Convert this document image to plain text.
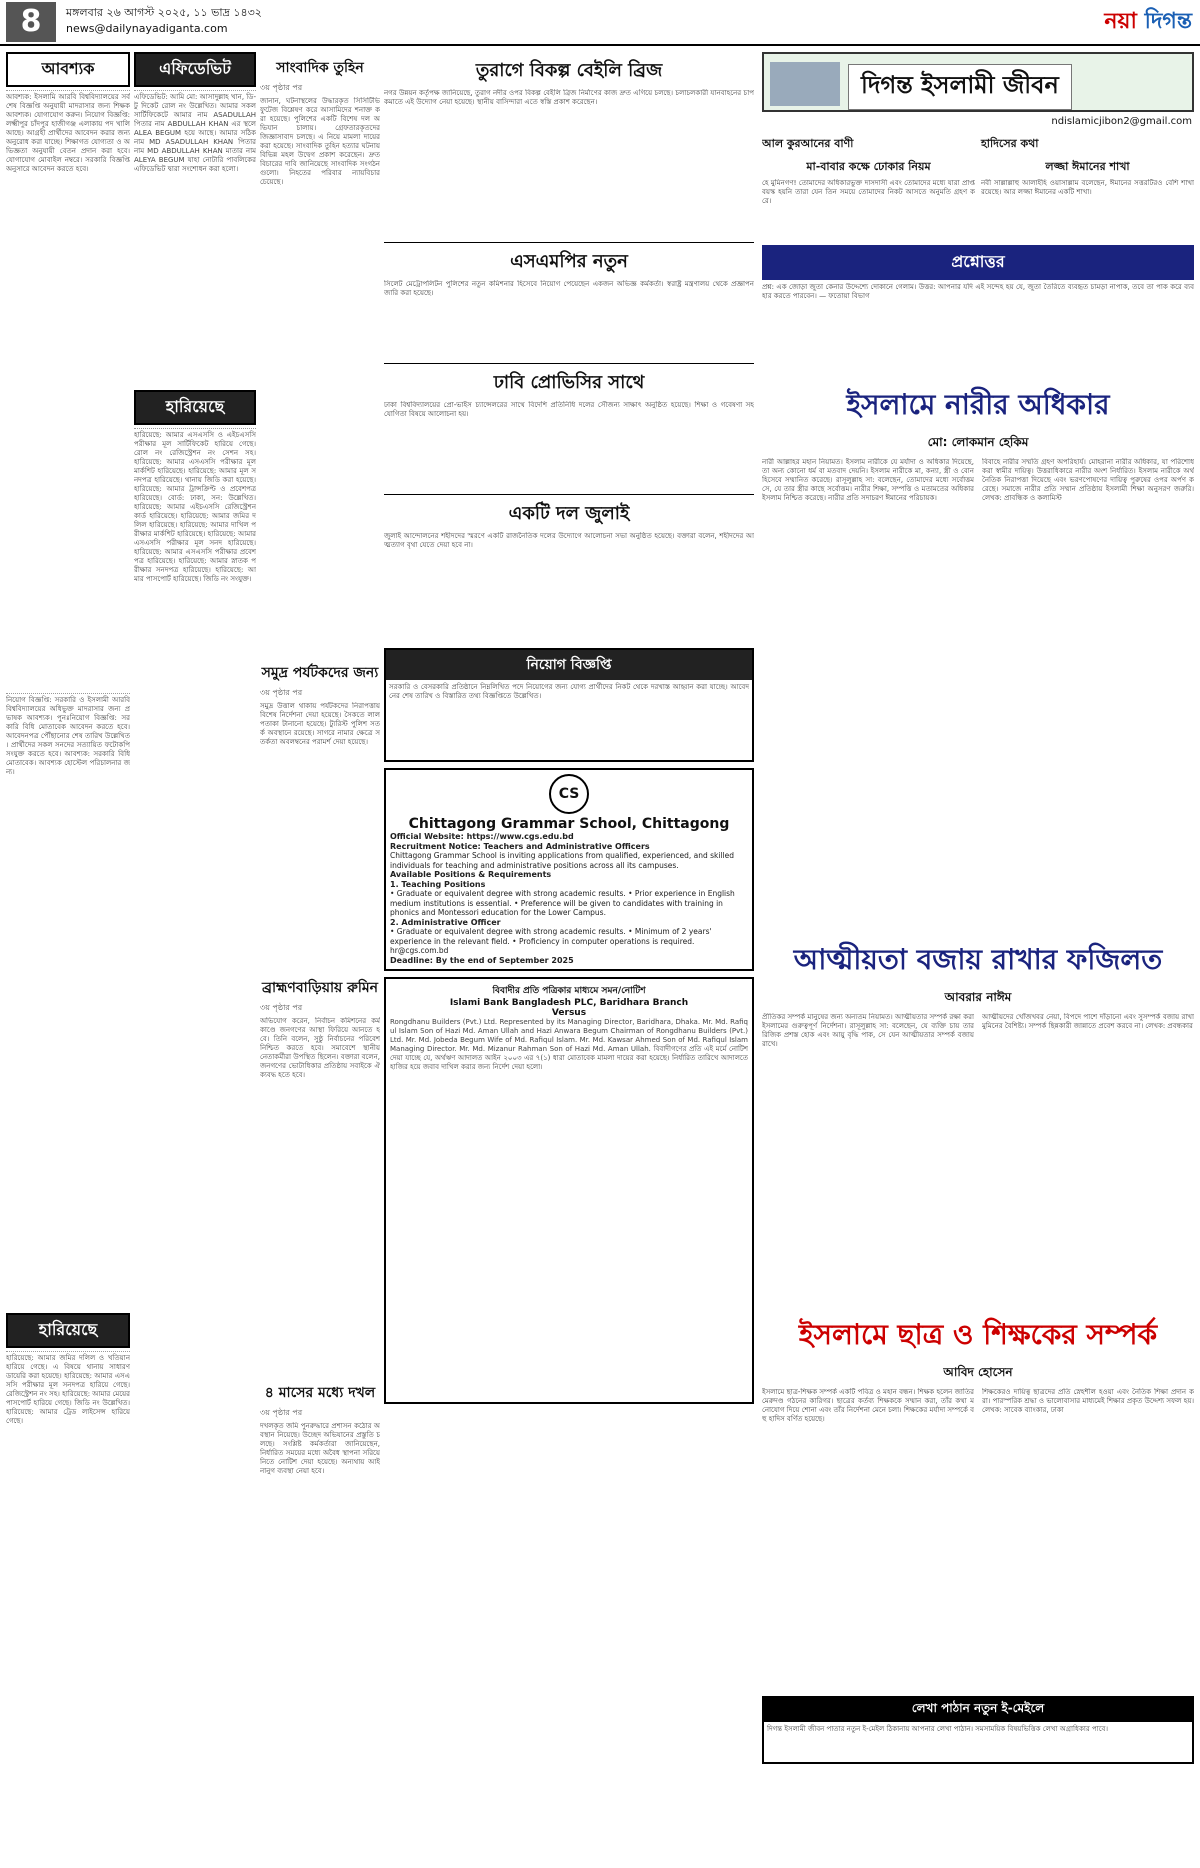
8	মঙ্গলবার ২৬ আগস্ট ২০২৫, ১১ ভাদ্র ১৪৩২
news@dailynayadiganta.com	নয়া দিগন্ত
আবশ্যক
আবশ্যক: ইসলামি আরবি বিশ্ববিদ্যালয়ের সর্বশেষ বিজ্ঞপ্তি অনুযায়ী মাদরাসার জন্য শিক্ষক আবশ্যক। যোগাযোগ করুন। নিয়োগ বিজ্ঞপ্তি: লক্ষ্মীপুর চাঁদপুর হাজীগঞ্জ এলাকায় পদ খালি আছে। আগ্রহী প্রার্থীদের আবেদন করার জন্য অনুরোধ করা যাচ্ছে। শিক্ষাগত যোগ্যতা ও অভিজ্ঞতা অনুযায়ী বেতন প্রদান করা হবে। যোগাযোগ মোবাইল নম্বরে। সরকারি বিজ্ঞপ্তি অনুসারে আবেদন করতে হবে।
নিয়োগ বিজ্ঞপ্তি: সরকারি ও ইসলামী আরবি বিশ্ববিদ্যালয়ের অধিভুক্ত মাদরাসার জন্য প্রভাষক আবশ্যক। পুনঃনিয়োগ বিজ্ঞপ্তি: সরকারি বিধি মোতাবেক আবেদন করতে হবে। আবেদনপত্র পৌঁছানোর শেষ তারিখ উল্লেখিত। প্রার্থীদের সকল সনদের সত্যায়িত ফটোকপি সংযুক্ত করতে হবে। আবশ্যক: সরকারি বিধি মোতাবেক। আবশ্যক হোস্টেল পরিচালনার জন্য।
হারিয়েছে
হারিয়েছে: আমার জমির দলিল ও খতিয়ান হারিয়ে গেছে। এ বিষয়ে থানায় সাধারণ ডায়েরি করা হয়েছে। হারিয়েছে: আমার এসএসসি পরীক্ষার মূল সনদপত্র হারিয়ে গেছে। রেজিস্ট্রেশন নং সহ। হারিয়েছে: আমার মেয়ের পাসপোর্ট হারিয়ে গেছে। জিডি নং উল্লেখিত। হারিয়েছে: আমার ট্রেড লাইসেন্স হারিয়ে গেছে।
এফিডেভিট
এফিডেভিট: আমি মো: আসাদুল্লাহ খান, ডি-টু দিকেট রোল নং উল্লেখিত। আমার সকল সার্টিফিকেটে আমার নাম ASADULLAH পিতার নাম ABDULLAH KHAN এর স্থলে ALEA BEGUM হয়ে আছে। আমার সঠিক নাম MD ASADULLAH KHAN পিতার নাম MD ABDULLAH KHAN মাতার নাম ALEYA BEGUM যাহা নোটারি পাবলিকের এফিডেভিট দ্বারা সংশোধন করা হলো।
হারিয়েছে
হারিয়েছে: আমার এসএসসি ও এইচএসসি পরীক্ষার মূল সার্টিফিকেট হারিয়ে গেছে। রোল নং রেজিস্ট্রেশন নং সেশন সহ। হারিয়েছে: আমার এসএসসি পরীক্ষার মূল মার্কশিট হারিয়েছে। হারিয়েছে: আমার মূল সনদপত্র হারিয়েছে। থানায় জিডি করা হয়েছে। হারিয়েছে: আমার ট্রান্সক্রিপ্ট ও প্রবেশপত্র হারিয়েছে। বোর্ড: ঢাকা, সন: উল্লেখিত। হারিয়েছে: আমার এইচএসসি রেজিস্ট্রেশন কার্ড হারিয়েছে। হারিয়েছে: আমার জমির দলিল হারিয়েছে। হারিয়েছে: আমার দাখিল পরীক্ষার মার্কশিট হারিয়েছে। হারিয়েছে: আমার এসএসসি পরীক্ষার মূল সনদ হারিয়েছে। হারিয়েছে: আমার এসএসসি পরীক্ষার প্রবেশপত্র হারিয়েছে। হারিয়েছে: আমার স্নাতক পরীক্ষার সনদপত্র হারিয়েছে। হারিয়েছে: আমার পাসপোর্ট হারিয়েছে। জিডি নং সংযুক্ত।
সাংবাদিক তুহিন
৩য় পৃষ্ঠার পর
জানান, ঘটনাস্থলের উদ্ধারকৃত সিসিটিভি ফুটেজ বিশ্লেষণ করে আসামিদের শনাক্ত করা হয়েছে। পুলিশের একটি বিশেষ দল অভিযান চালায়। গ্রেফতারকৃতদের জিজ্ঞাসাবাদ চলছে। এ নিয়ে মামলা দায়ের করা হয়েছে। সাংবাদিক তুহিন হত্যার ঘটনায় বিভিন্ন মহল উদ্বেগ প্রকাশ করেছেন। দ্রুত বিচারের দাবি জানিয়েছে সাংবাদিক সংগঠনগুলো। নিহতের পরিবার ন্যায়বিচার চেয়েছে।
সমুদ্র পর্যটকদের জন্য
৩য় পৃষ্ঠার পর
সমুদ্র উত্তাল থাকায় পর্যটকদের নিরাপত্তায় বিশেষ নির্দেশনা দেয়া হয়েছে। সৈকতে লাল পতাকা টানানো হয়েছে। ট্যুরিস্ট পুলিশ সতর্ক অবস্থানে রয়েছে। সাগরে নামার ক্ষেত্রে সতর্কতা অবলম্বনের পরামর্শ দেয়া হয়েছে।
ব্রাহ্মণবাড়িয়ায় রুমিন
৩য় পৃষ্ঠার পর
অভিযোগ করেন, নির্বাচন কমিশনের কর্মকাণ্ডে জনগণের আস্থা ফিরিয়ে আনতে হবে। তিনি বলেন, সুষ্ঠু নির্বাচনের পরিবেশ নিশ্চিত করতে হবে। সমাবেশে স্থানীয় নেতাকর্মীরা উপস্থিত ছিলেন। বক্তারা বলেন, জনগণের ভোটাধিকার প্রতিষ্ঠায় সবাইকে ঐক্যবদ্ধ হতে হবে।
৪ মাসের মধ্যে দখল
৩য় পৃষ্ঠার পর
দখলকৃত জমি পুনরুদ্ধারে প্রশাসন কঠোর অবস্থান নিয়েছে। উচ্ছেদ অভিযানের প্রস্তুতি চলছে। সংশ্লিষ্ট কর্মকর্তারা জানিয়েছেন, নির্ধারিত সময়ের মধ্যে অবৈধ স্থাপনা সরিয়ে নিতে নোটিশ দেয়া হয়েছে। অন্যথায় আইনানুগ ব্যবস্থা নেয়া হবে।
তুরাগে বিকল্প বেইলি ব্রিজ
নগর উন্নয়ন কর্তৃপক্ষ জানিয়েছে, তুরাগ নদীর ওপর বিকল্প বেইলি ব্রিজ নির্মাণের কাজ দ্রুত এগিয়ে চলছে। চলাচলকারী যানবাহনের চাপ কমাতে এই উদ্যোগ নেয়া হয়েছে। স্থানীয় বাসিন্দারা এতে স্বস্তি প্রকাশ করেছেন।
এসএমপির নতুন
সিলেট মেট্রোপলিটন পুলিশের নতুন কমিশনার হিসেবে নিয়োগ পেয়েছেন একজন অভিজ্ঞ কর্মকর্তা। স্বরাষ্ট্র মন্ত্রণালয় থেকে প্রজ্ঞাপন জারি করা হয়েছে।
ঢাবি প্রোভিসির সাথে
ঢাকা বিশ্ববিদ্যালয়ের প্রো-ভাইস চ্যান্সেলরের সাথে বিদেশি প্রতিনিধি দলের সৌজন্য সাক্ষাৎ অনুষ্ঠিত হয়েছে। শিক্ষা ও গবেষণা সহযোগিতা বিষয়ে আলোচনা হয়।
একটি দল জুলাই
জুলাই আন্দোলনের শহীদদের স্মরণে একটি রাজনৈতিক দলের উদ্যোগে আলোচনা সভা অনুষ্ঠিত হয়েছে। বক্তারা বলেন, শহীদদের আত্মত্যাগ বৃথা যেতে দেয়া হবে না।
নিয়োগ বিজ্ঞপ্তি
সরকারি ও বেসরকারি প্রতিষ্ঠানে নিম্নলিখিত পদে নিয়োগের জন্য যোগ্য প্রার্থীদের নিকট থেকে দরখাস্ত আহ্বান করা যাচ্ছে। আবেদনের শেষ তারিখ ও বিস্তারিত তথ্য বিজ্ঞপ্তিতে উল্লেখিত।
CS
Chittagong Grammar School, Chittagong
Official Website: https://www.cgs.edu.bd
Recruitment Notice: Teachers and Administrative Officers
Chittagong Grammar School is inviting applications from qualified, experienced, and skilled individuals for teaching and administrative positions across all its campuses.
Available Positions & Requirements
1. Teaching Positions
• Graduate or equivalent degree with strong academic results. • Prior experience in English medium institutions is essential. • Preference will be given to candidates with training in phonics and Montessori education for the Lower Campus.
2. Administrative Officer
• Graduate or equivalent degree with strong academic results. • Minimum of 2 years' experience in the relevant field. • Proficiency in computer operations is required.
hr@cgs.com.bd
Deadline: By the end of September 2025
বিবাদীর প্রতি পত্রিকার মাধ্যমে সমন/নোটিশ
Islami Bank Bangladesh PLC, Baridhara Branch
Versus
Rongdhanu Builders (Pvt.) Ltd. Represented by its Managing Director, Baridhara, Dhaka. Mr. Md. Rafiqul Islam Son of Hazi Md. Aman Ullah and Hazi Anwara Begum Chairman of Rongdhanu Builders (Pvt.) Ltd. Mr. Md. Jobeda Begum Wife of Md. Rafiqul Islam. Mr. Md. Kawsar Ahmed Son of Md. Rafiqul Islam Managing Director. Mr. Md. Mizanur Rahman Son of Hazi Md. Aman Ullah. বিবাদীগণের প্রতি এই মর্মে নোটিশ দেয়া যাচ্ছে যে, অর্থঋণ আদালত আইন ২০০৩ এর ৭(১) ধারা মোতাবেক মামলা দায়ের করা হয়েছে। নির্ধারিত তারিখে আদালতে হাজির হয়ে জবাব দাখিল করার জন্য নির্দেশ দেয়া হলো।
দিগন্ত ইসলামী জীবন
ndislamicjibon2@gmail.com
আল কুরআনের বাণী
মা-বাবার কক্ষে ঢোকার নিয়ম
হে মুমিনগণ! তোমাদের অধিকারভুক্ত দাসদাসী এবং তোমাদের মধ্যে যারা প্রাপ্তবয়স্ক হয়নি তারা যেন তিন সময়ে তোমাদের নিকট আসতে অনুমতি গ্রহণ করে।
হাদিসের কথা
লজ্জা ঈমানের শাখা
নবী সাল্লাল্লাহু আলাইহি ওয়াসাল্লাম বলেছেন, ঈমানের সত্তরটিরও বেশি শাখা রয়েছে। আর লজ্জা ঈমানের একটি শাখা।
প্রশ্নোত্তর
প্রশ্ন: এক জোড়া জুতা কেনার উদ্দেশ্যে দোকানে গেলাম। উত্তর: আপনার যদি এই সন্দেহ হয় যে, জুতা তৈরিতে ব্যবহৃত চামড়া নাপাক, তবে তা পাক করে ব্যবহার করতে পারবেন। — ফতোয়া বিভাগ
ইসলামে নারীর অধিকার
মো: লোকমান হেকিম
নারী আল্লাহর মহান নিয়ামত। ইসলাম নারীকে যে মর্যাদা ও অধিকার দিয়েছে, তা অন্য কোনো ধর্ম বা মতবাদ দেয়নি। ইসলাম নারীকে মা, কন্যা, স্ত্রী ও বোন হিসেবে সম্মানিত করেছে। রাসূলুল্লাহ সা: বলেছেন, তোমাদের মধ্যে সর্বোত্তম সে, যে তার স্ত্রীর কাছে সর্বোত্তম। নারীর শিক্ষা, সম্পত্তি ও মতামতের অধিকার ইসলাম নিশ্চিত করেছে। নারীর প্রতি সদাচরণ ঈমানের পরিচায়ক।
বিবাহে নারীর সম্মতি গ্রহণ অপরিহার্য। মোহরানা নারীর অধিকার, যা পরিশোধ করা স্বামীর দায়িত্ব। উত্তরাধিকারে নারীর অংশ নির্ধারিত। ইসলাম নারীকে অর্থনৈতিক নিরাপত্তা দিয়েছে এবং ভরণপোষণের দায়িত্ব পুরুষের ওপর অর্পণ করেছে। সমাজে নারীর প্রতি সম্মান প্রতিষ্ঠায় ইসলামী শিক্ষা অনুসরণ জরুরি। লেখক: প্রাবন্ধিক ও কলামিস্ট
আত্মীয়তা বজায় রাখার ফজিলত
আবরার নাঈম
প্রীতিকর সম্পর্ক মানুষের জন্য অন্যতম নিয়ামত। আত্মীয়তার সম্পর্ক রক্ষা করা ইসলামের গুরুত্বপূর্ণ নির্দেশনা। রাসূলুল্লাহ সা: বলেছেন, যে ব্যক্তি চায় তার রিজিক প্রশস্ত হোক এবং আয়ু বৃদ্ধি পাক, সে যেন আত্মীয়তার সম্পর্ক বজায় রাখে।
আত্মীয়দের খোঁজখবর নেয়া, বিপদে পাশে দাঁড়ানো এবং সুসম্পর্ক বজায় রাখা মুমিনের বৈশিষ্ট্য। সম্পর্ক ছিন্নকারী জান্নাতে প্রবেশ করবে না। লেখক: প্রবন্ধকার
ইসলামে ছাত্র ও শিক্ষকের সম্পর্ক
আবিদ হোসেন
ইসলামে ছাত্র-শিক্ষক সম্পর্ক একটি পবিত্র ও মহান বন্ধন। শিক্ষক হলেন জাতির মেরুদণ্ড গঠনের কারিগর। ছাত্রের কর্তব্য শিক্ষককে সম্মান করা, তাঁর কথা মনোযোগ দিয়ে শোনা এবং তাঁর নির্দেশনা মেনে চলা। শিক্ষকের মর্যাদা সম্পর্কে বহু হাদিস বর্ণিত হয়েছে।
শিক্ষকেরও দায়িত্ব ছাত্রদের প্রতি স্নেহশীল হওয়া এবং নৈতিক শিক্ষা প্রদান করা। পারস্পরিক শ্রদ্ধা ও ভালোবাসার মাধ্যমেই শিক্ষার প্রকৃত উদ্দেশ্য সফল হয়। লেখক: সাবেক ব্যাংকার, ঢাকা
লেখা পাঠান নতুন ই-মেইলে
দিগন্ত ইসলামী জীবন পাতার নতুন ই-মেইল ঠিকানায় আপনার লেখা পাঠান। সমসাময়িক বিষয়ভিত্তিক লেখা অগ্রাধিকার পাবে।
